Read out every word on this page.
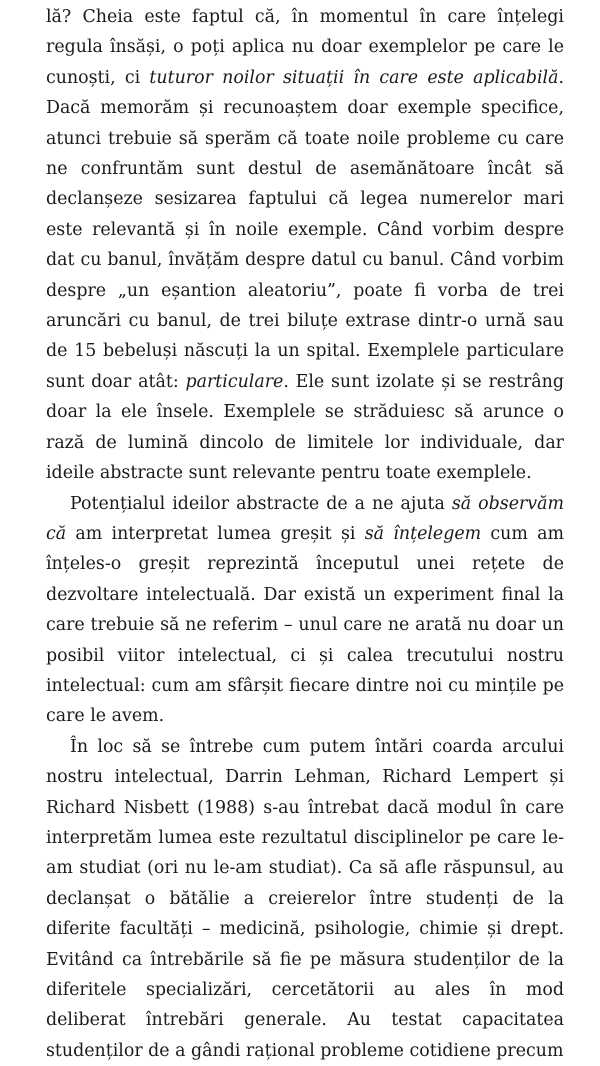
lă? Cheia este faptul că, în momentul în care înțelegi regula însăși, o poți aplica nu doar exemplelor pe care le cunoști, ci tuturor noilor situații în care este aplicabilă. Dacă memorăm și recunoaștem doar exemple specifice, atunci trebuie să sperăm că toate noile probleme cu care ne confruntăm sunt destul de asemănătoare încât să declanșeze sesizarea faptului că legea numerelor mari este relevantă și în noile exemple. Când vorbim despre dat cu banul, învățăm despre datul cu banul. Când vorbim despre „un eșantion aleatoriu”, poate fi vorba de trei aruncări cu banul, de trei biluțe extrase dintr-o urnă sau de 15 bebeluși născuți la un spital. Exemplele particulare sunt doar atât: particulare. Ele sunt izolate și se restrâng doar la ele însele. Exemplele se străduiesc să arunce o rază de lumină dincolo de limitele lor individuale, dar ideile abstracte sunt relevante pentru toate exemplele.

Potențialul ideilor abstracte de a ne ajuta să observăm că am interpretat lumea greșit și să înțelegem cum am înțeles-o greșit reprezintă începutul unei rețete de dezvoltare intelectuală. Dar există un experiment final la care trebuie să ne referim – unul care ne arată nu doar un posibil viitor intelectual, ci și calea trecutului nostru intelectual: cum am sfârșit fiecare dintre noi cu mințile pe care le avem.

În loc să se întrebe cum putem întări coarda arcului nostru intelectual, Darrin Lehman, Richard Lempert și Richard Nisbett (1988) s-au întrebat dacă modul în care interpretăm lumea este rezultatul disciplinelor pe care le-am studiat (ori nu le-am studiat). Ca să afle răspunsul, au declanșat o bătălie a creierelor între studenți de la diferite facultăți – medicină, psihologie, chimie și drept. Evitând ca întrebările să fie pe măsura studenților de la diferitele specializări, cercetătorii au ales în mod deliberat întrebări generale. Au testat capacitatea studenților de a gândi rațional probleme cotidiene precum
